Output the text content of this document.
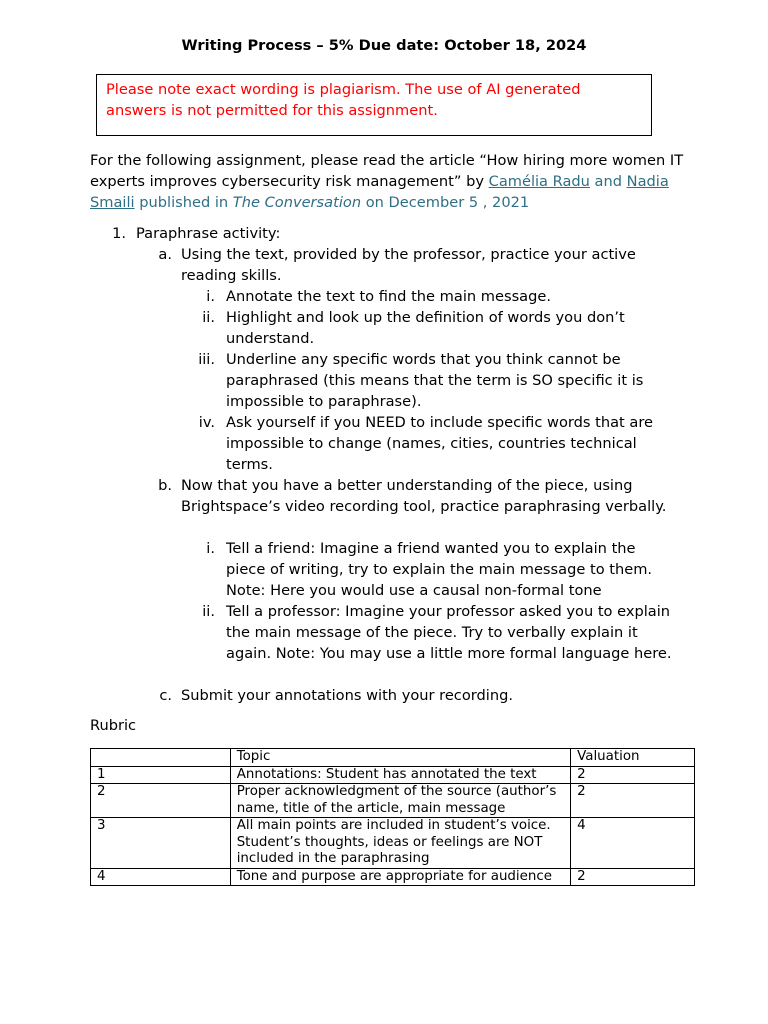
Writing Process – 5% Due date: October 18, 2024
Please note exact wording is plagiarism. The use of AI generated answers is not permitted for this assignment.
For the following assignment, please read the article “How hiring more women IT experts improves cybersecurity risk management” by Camélia Radu and Nadia Smaili published in The Conversation on December 5 , 2021
1. Paraphrase activity:
a. Using the text, provided by the professor, practice your active reading skills.
i. Annotate the text to find the main message.
ii. Highlight and look up the definition of words you don’t understand.
iii. Underline any specific words that you think cannot be paraphrased (this means that the term is SO specific it is impossible to paraphrase).
iv. Ask yourself if you NEED to include specific words that are impossible to change (names, cities, countries technical terms.
b. Now that you have a better understanding of the piece, using Brightspace’s video recording tool, practice paraphrasing verbally.
i. Tell a friend: Imagine a friend wanted you to explain the piece of writing, try to explain the main message to them. Note: Here you would use a causal non-formal tone
ii. Tell a professor: Imagine your professor asked you to explain the main message of the piece. Try to verbally explain it again. Note: You may use a little more formal language here.
c. Submit your annotations with your recording.
Rubric
	Topic	Valuation
1	Annotations: Student has annotated the text	2
2	Proper acknowledgment of the source (author’s name, title of the article, main message	2
3	All main points are included in student’s voice. Student’s thoughts, ideas or feelings are NOT included in the paraphrasing	4
4	Tone and purpose are appropriate for audience	2
